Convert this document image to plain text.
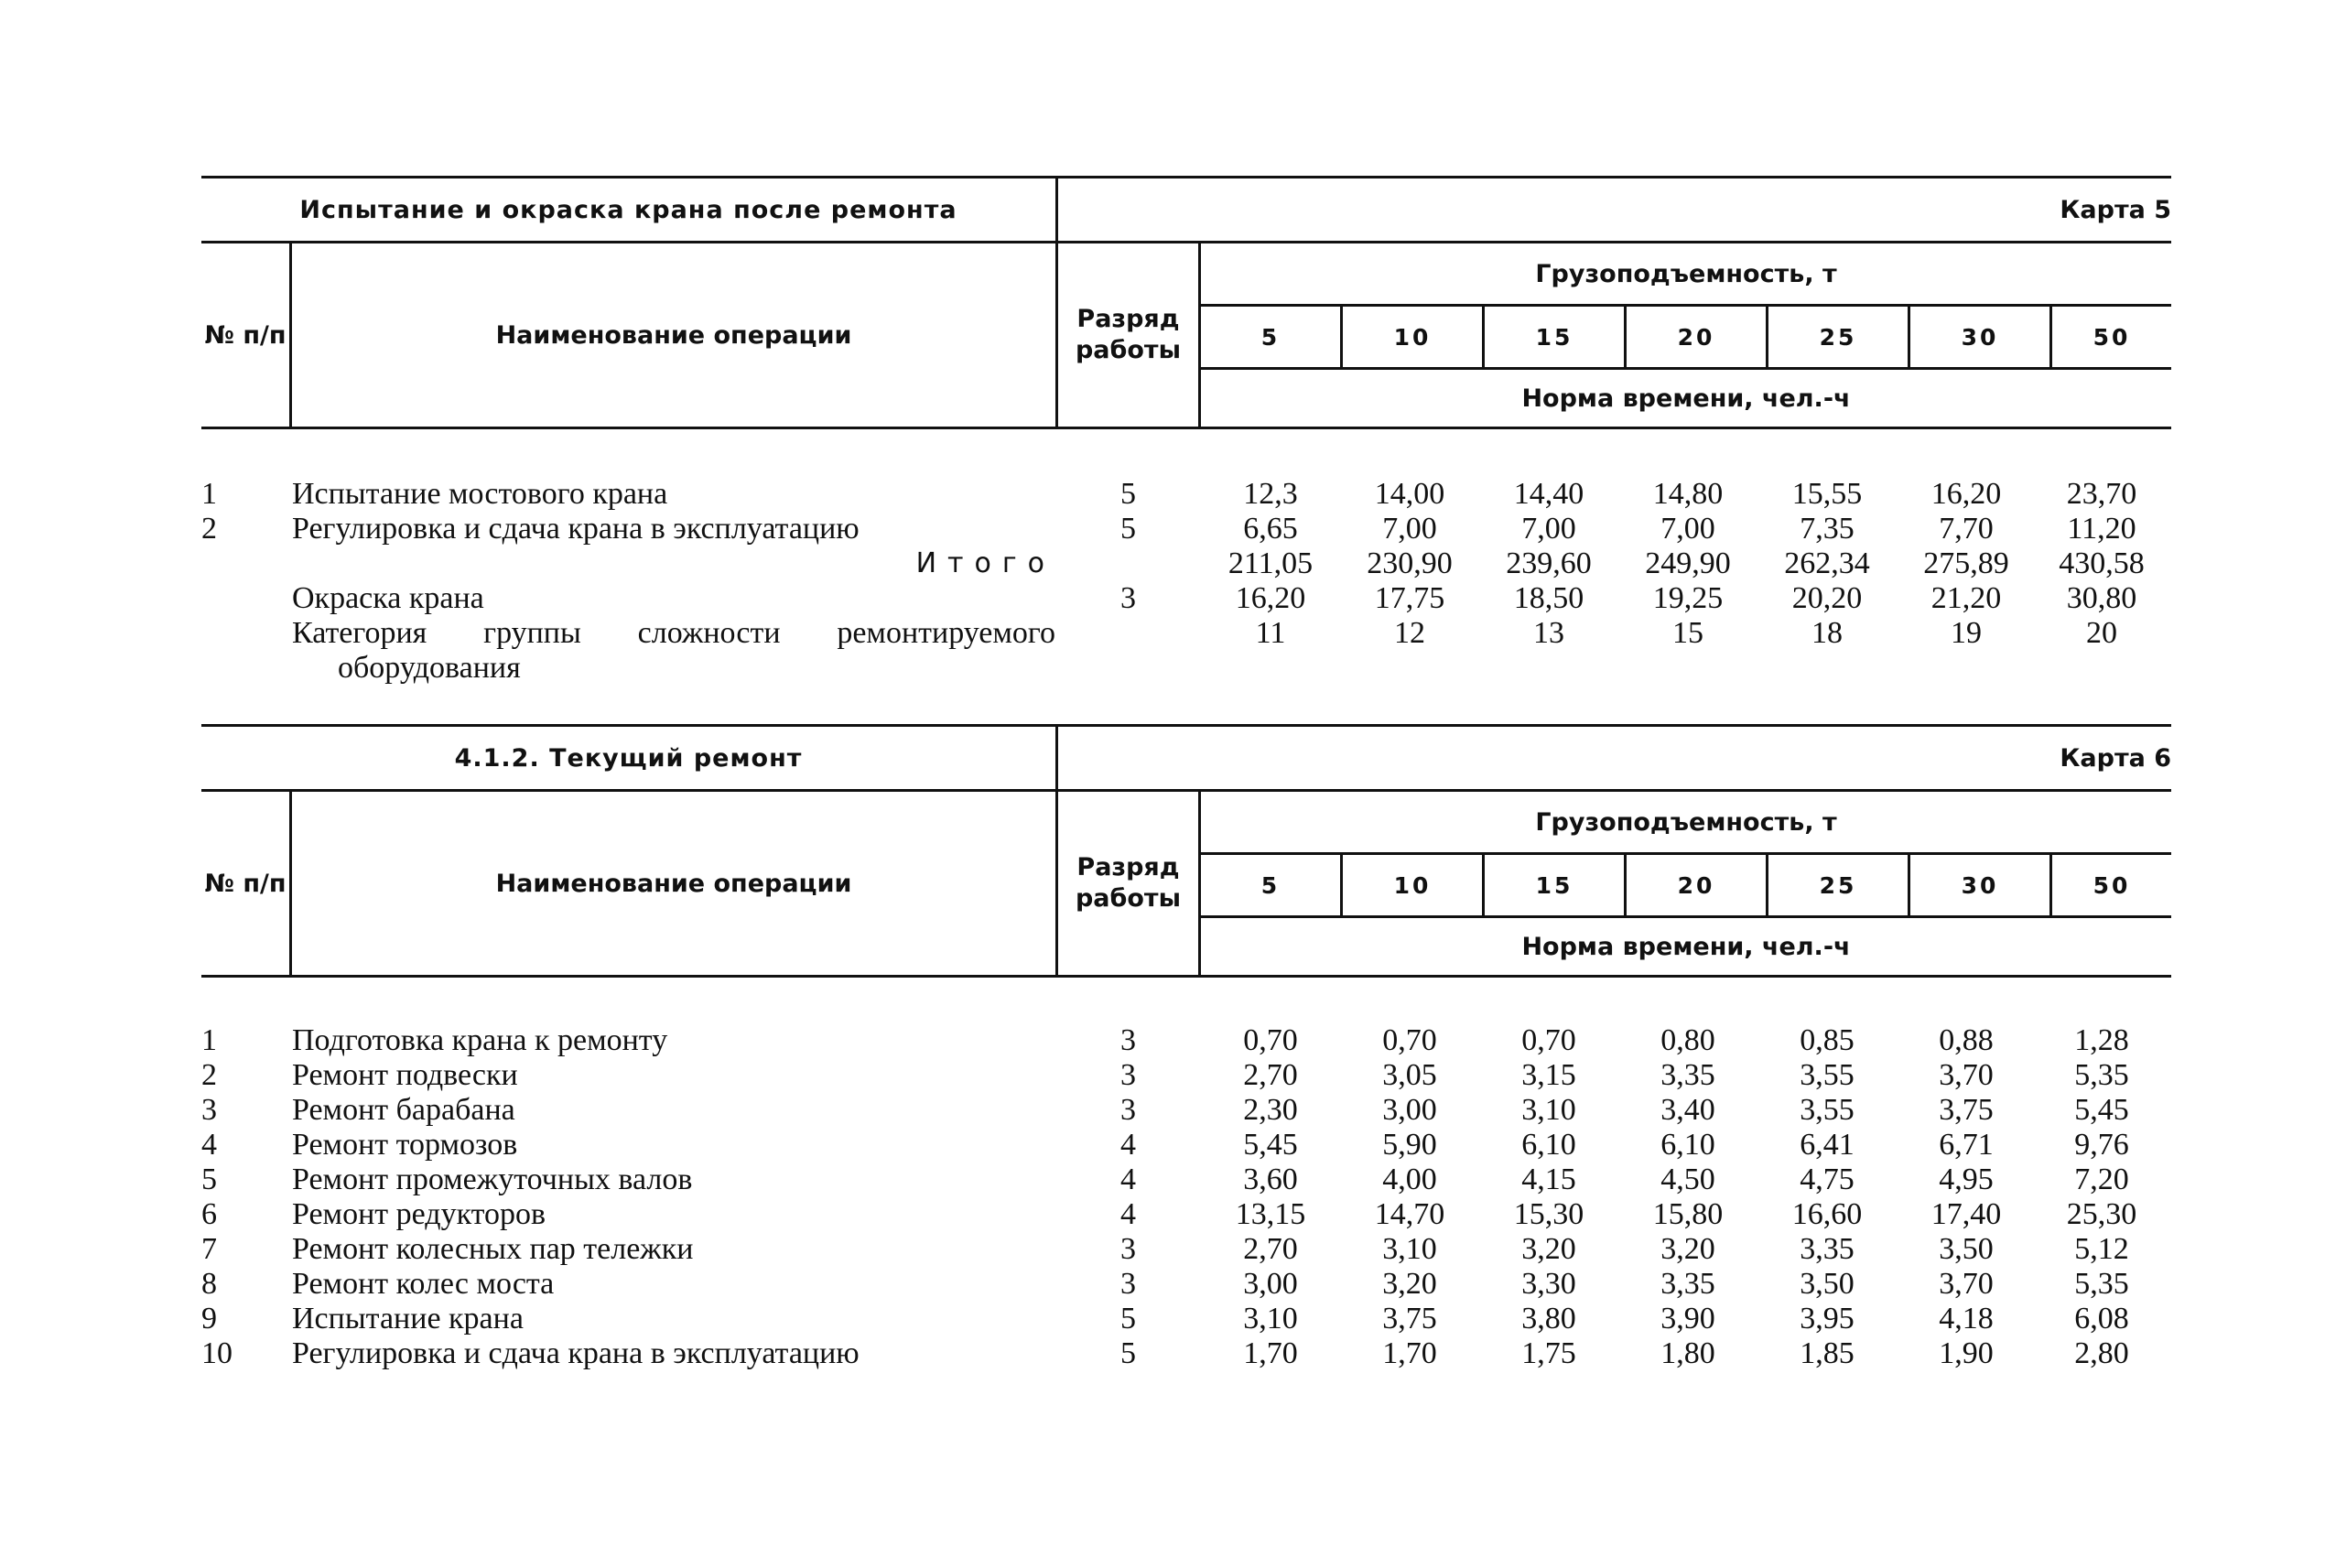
Испытание и окраска крана после ремонта	Карта 5
№ п/п	Наименование операции
Разряд работы
Грузоподъемность, т
5	10	15	20	25	30	50
Норма времени, чел.-ч
1	Испытание мостового крана	5	12,3	14,00	14,40	14,80	15,55	16,20	23,70
2	Регулировка и сдача крана в эксплуатацию	5	6,65	7,00	7,00	7,00	7,35	7,70	11,20
Итого	211,05	230,90	239,60	249,90	262,34	275,89	430,58
Окраска крана	3	16,20	17,75	18,50	19,25	20,20	21,20	30,80
Категория группы сложности ремонтируемого	11	12	13	15	18	19	20
оборудования
4.1.2. Текущий ремонт	Карта 6
№ п/п	Наименование операции
Разряд работы
Грузоподъемность, т
5	10	15	20	25	30	50
Норма времени, чел.-ч
1	Подготовка крана к ремонту	3	0,70	0,70	0,70	0,80	0,85	0,88	1,28
2	Ремонт подвески	3	2,70	3,05	3,15	3,35	3,55	3,70	5,35
3	Ремонт барабана	3	2,30	3,00	3,10	3,40	3,55	3,75	5,45
4	Ремонт тормозов	4	5,45	5,90	6,10	6,10	6,41	6,71	9,76
5	Ремонт промежуточных валов	4	3,60	4,00	4,15	4,50	4,75	4,95	7,20
6	Ремонт редукторов	4	13,15	14,70	15,30	15,80	16,60	17,40	25,30
7	Ремонт колесных пар тележки	3	2,70	3,10	3,20	3,20	3,35	3,50	5,12
8	Ремонт колес моста	3	3,00	3,20	3,30	3,35	3,50	3,70	5,35
9	Испытание крана	5	3,10	3,75	3,80	3,90	3,95	4,18	6,08
10	Регулировка и сдача крана в эксплуатацию	5	1,70	1,70	1,75	1,80	1,85	1,90	2,80
